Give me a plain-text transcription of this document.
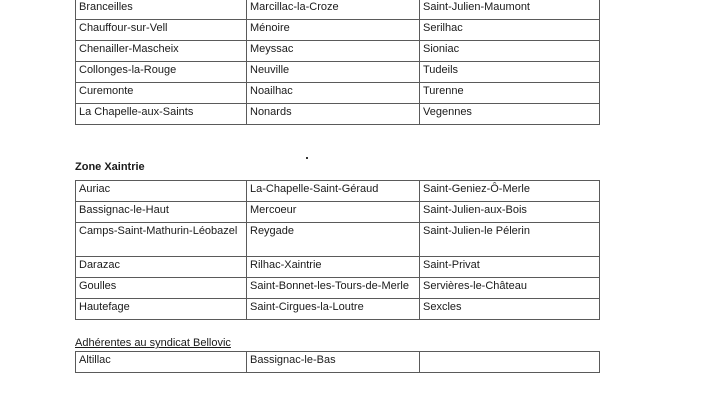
Branceilles	Marcillac-la-Croze	Saint-Julien-Maumont
Chauffour-sur-Vell	Ménoire	Serilhac
Chenailler-Mascheix	Meyssac	Sioniac
Collonges-la-Rouge	Neuville	Tudeils
Curemonte	Noailhac	Turenne
La Chapelle-aux-Saints	Nonards	Vegennes
Zone Xaintrie
Auriac	La-Chapelle-Saint-Géraud	Saint-Geniez-Ô-Merle
Bassignac-le-Haut	Mercoeur	Saint-Julien-aux-Bois
Camps-Saint-Mathurin-Léobazel	Reygade	Saint-Julien-le Pélerin
Darazac	Rilhac-Xaintrie	Saint-Privat
Goulles	Saint-Bonnet-les-Tours-de-Merle	Servières-le-Château
Hautefage	Saint-Cirgues-la-Loutre	Sexcles
Adhérentes au syndicat Bellovic
Altillac	Bassignac-le-Bas	
